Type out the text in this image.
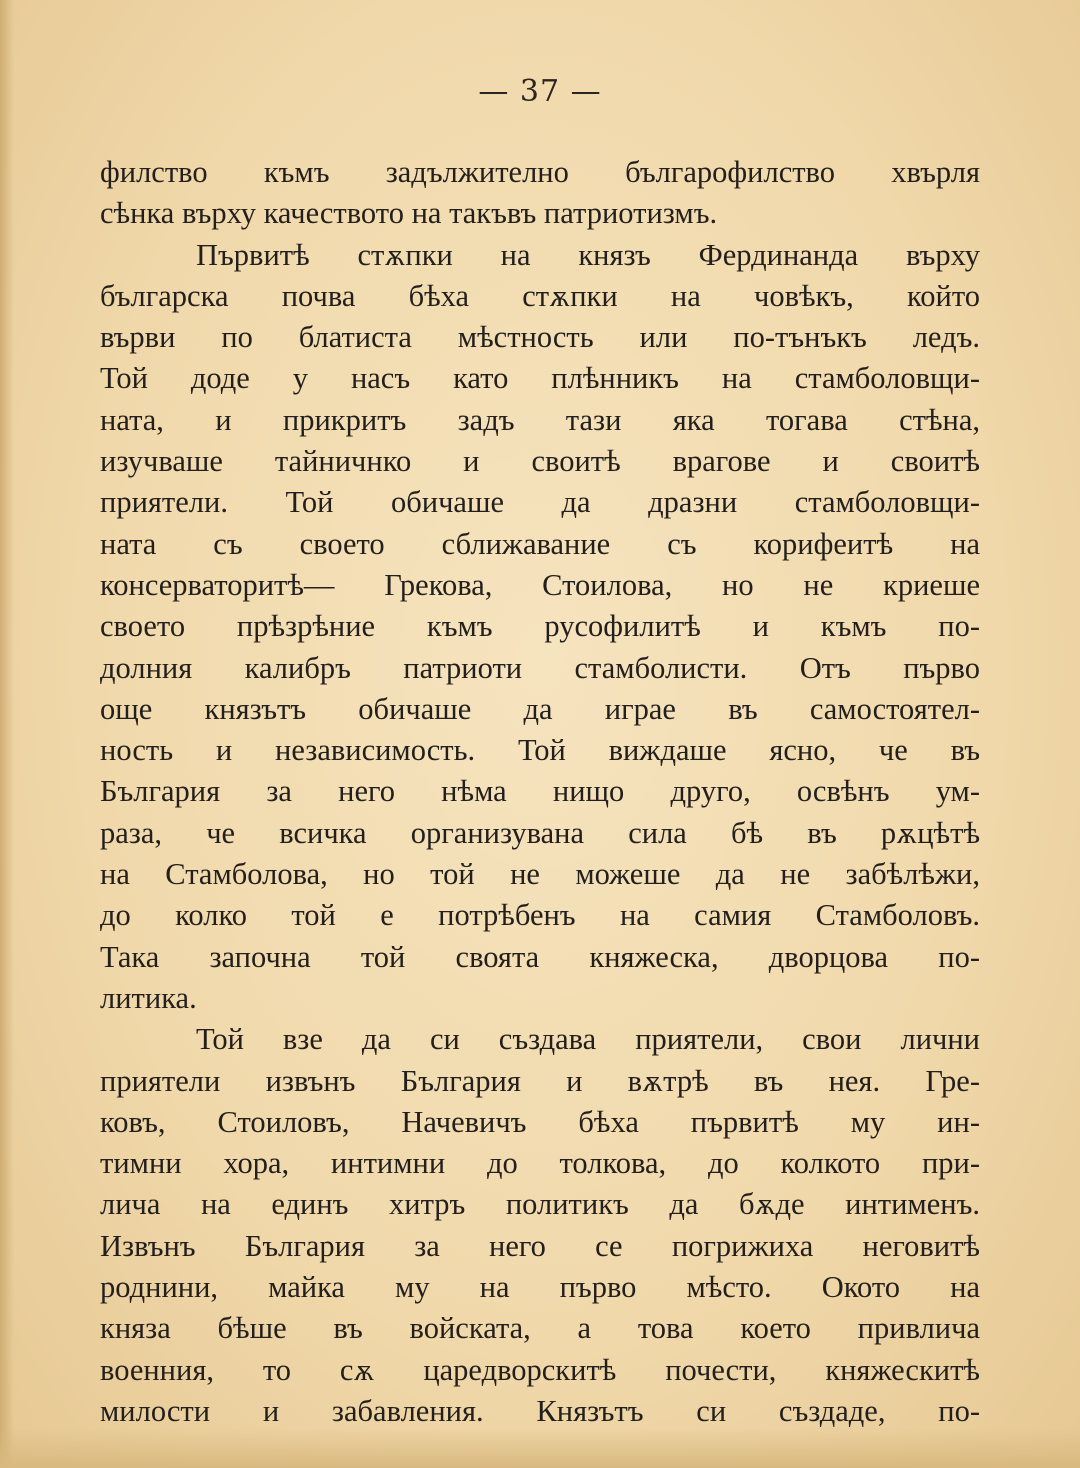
— 37 —
филство къмъ задължително българофилство хвърля
сѣнка върху качеството на такъвъ патриотизмъ.
Първитѣ стѫпки на князъ Фердинанда върху
българска почва бѣха стѫпки на човѣкъ, който
върви по блатиста мѣстность или по-тънъкъ ледъ.
Той доде у насъ като плѣнникъ на стамболовщи-
ната, и прикритъ задъ тази яка тогава стѣна,
изучваше тайничнко и своитѣ врагове и своитѣ
приятели. Той обичаше да дразни стамболовщи-
ната съ своето сближавание съ корифеитѣ на
консерваторитѣ— Грекова, Стоилова, но не криеше
своето прѣзрѣние къмъ русофилитѣ и къмъ по-
долния калибръ патриоти стамболисти. Отъ първо
още князътъ обичаше да играе въ самостоятел-
ность и независимость. Той виждаше ясно, че въ
България за него нѣма нищо друго, освѣнъ ум-
раза, че всичка организувана сила бѣ въ рѫцѣтѣ
на Стамболова, но той не можеше да не забѣлѣжи,
до колко той е потрѣбенъ на самия Стамболовъ.
Така започна той своята княжеска, дворцова по-
литика.
Той взе да си създава приятели, свои лични
приятели извънъ България и вѫтрѣ въ нея. Гре-
ковъ, Стоиловъ, Начевичъ бѣха първитѣ му ин-
тимни хора, интимни до толкова, до колкото при-
лича на единъ хитръ политикъ да бѫде интименъ.
Извънъ България за него се погрижиха неговитѣ
роднини, майка му на първо мѣсто. Окото на
княза бѣше въ войската, а това което привлича
военния, то сѫ царедворскитѣ почести, княжескитѣ
милости и забавления. Князътъ си създаде, по-
